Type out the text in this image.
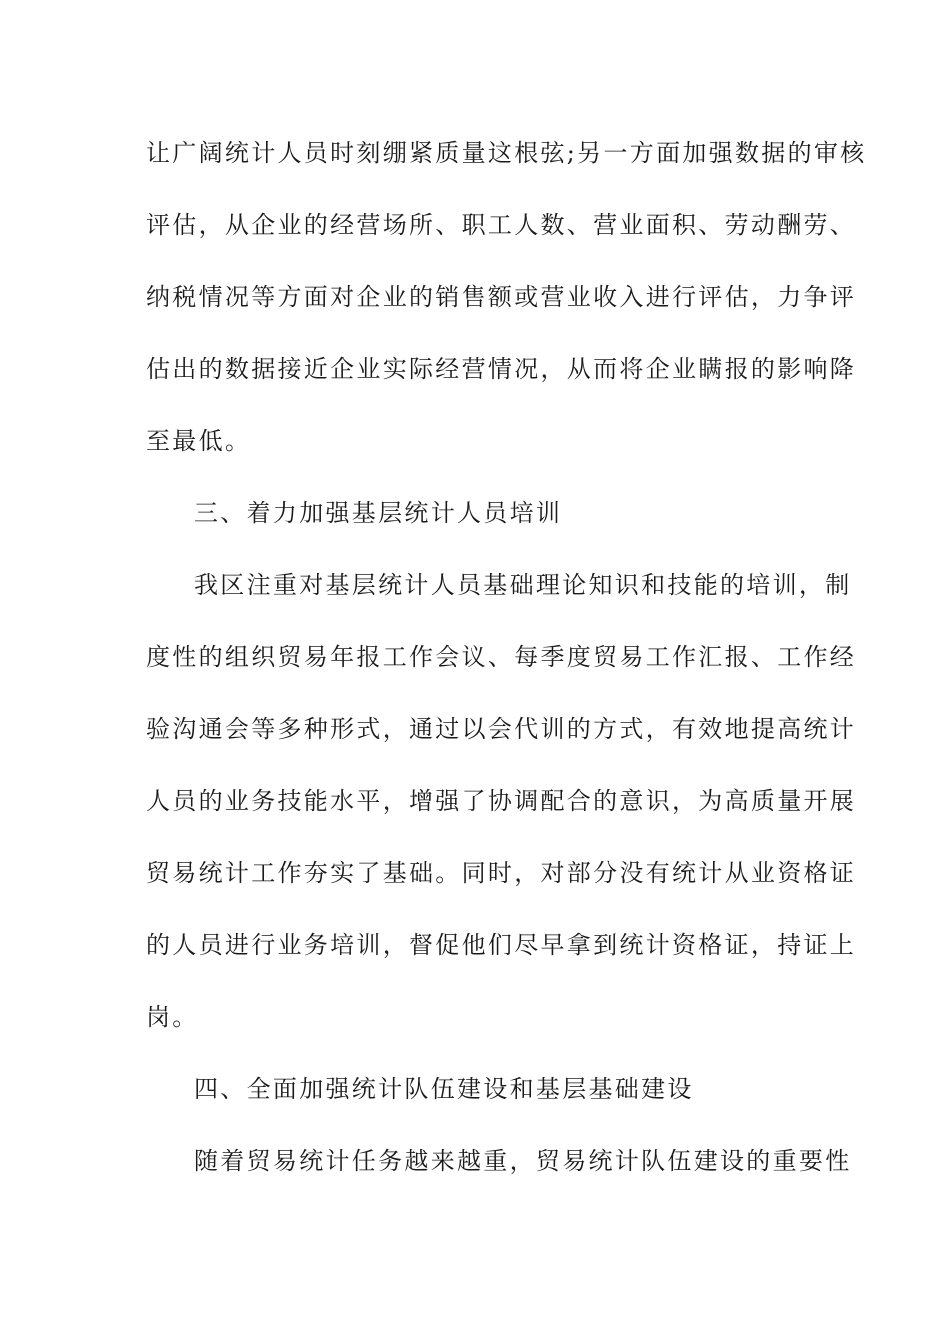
让广阔统计人员时刻绷紧质量这根弦;另一方面加强数据的审核
评估，从企业的经营场所、职工人数、营业面积、劳动酬劳、
纳税情况等方面对企业的销售额或营业收入进行评估，力争评
估出的数据接近企业实际经营情况，从而将企业瞒报的影响降
至最低。
三、着力加强基层统计人员培训
我区注重对基层统计人员基础理论知识和技能的培训，制
度性的组织贸易年报工作会议、每季度贸易工作汇报、工作经
验沟通会等多种形式，通过以会代训的方式，有效地提高统计
人员的业务技能水平，增强了协调配合的意识，为高质量开展
贸易统计工作夯实了基础。同时，对部分没有统计从业资格证
的人员进行业务培训，督促他们尽早拿到统计资格证，持证上
岗。
四、全面加强统计队伍建设和基层基础建设
随着贸易统计任务越来越重，贸易统计队伍建设的重要性
